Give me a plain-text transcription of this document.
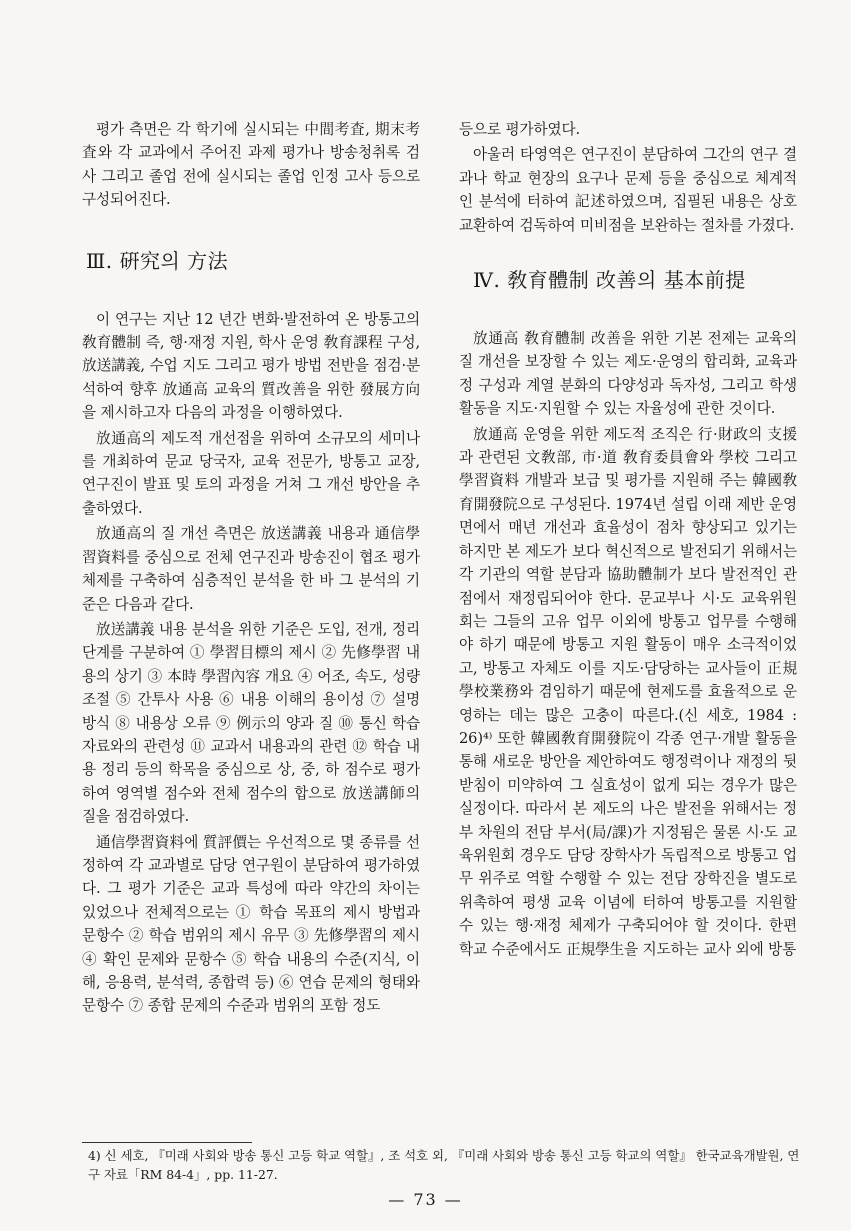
평가 측면은 각 학기에 실시되는 中間考査, 期末考査와 각 교과에서 주어진 과제 평가나 방송청취록 검사 그리고 졸업 전에 실시되는 졸업 인정 고사 등으로 구성되어진다.

Ⅲ. 硏究의 方法

이 연구는 지난 12 년간 변화·발전하여 온 방통고의 敎育體制 즉, 행·재정 지원, 학사 운영 敎育課程 구성, 放送講義, 수업 지도 그리고 평가 방법 전반을 점검·분석하여 향후 放通高 교육의 質改善을 위한 發展方向을 제시하고자 다음의 과정을 이행하였다.

放通高의 제도적 개선점을 위하여 소규모의 세미나를 개최하여 문교 당국자, 교육 전문가, 방통고 교장, 연구진이 발표 및 토의 과정을 거쳐 그 개선 방안을 추출하였다.

放通高의 질 개선 측면은 放送講義 내용과 通信學習資料를 중심으로 전체 연구진과 방송진이 협조 평가 체제를 구축하여 심층적인 분석을 한 바 그 분석의 기준은 다음과 같다.

放送講義 내용 분석을 위한 기준은 도입, 전개, 정리 단계를 구분하여 ① 學習目標의 제시 ② 先修學習 내용의 상기 ③ 本時 學習內容 개요 ④ 어조, 속도, 성량 조절 ⑤ 간투사 사용 ⑥ 내용 이해의 용이성 ⑦ 설명 방식 ⑧ 내용상 오류 ⑨ 例示의 양과 질 ⑩ 통신 학습 자료와의 관련성 ⑪ 교과서 내용과의 관련 ⑫ 학습 내용 정리 등의 학목을 중심으로 상, 중, 하 점수로 평가하여 영역별 점수와 전체 점수의 합으로 放送講師의 질을 점검하였다.

通信學習資料에 質評價는 우선적으로 몇 종류를 선정하여 각 교과별로 담당 연구원이 분담하여 평가하였다. 그 평가 기준은 교과 특성에 따라 약간의 차이는 있었으나 전체적으로는 ① 학습 목표의 제시 방법과 문항수 ② 학습 범위의 제시 유무 ③ 先修學習의 제시 ④ 확인 문제와 문항수 ⑤ 학습 내용의 수준(지식, 이해, 응용력, 분석력, 종합력 등) ⑥ 연습 문제의 형태와 문항수 ⑦ 종합 문제의 수준과 범위의 포함 정도

등으로 평가하였다.

아울러 타영역은 연구진이 분담하여 그간의 연구 결과나 학교 현장의 요구나 문제 등을 중심으로 체계적인 분석에 터하여 記述하였으며, 집필된 내용은 상호 교환하여 검독하여 미비점을 보완하는 절차를 가졌다.

Ⅳ. 敎育體制 改善의 基本前提

放通高 敎育體制 改善을 위한 기본 전제는 교육의 질 개선을 보장할 수 있는 제도·운영의 합리화, 교육과정 구성과 계열 분화의 다양성과 독자성, 그리고 학생 활동을 지도·지원할 수 있는 자율성에 관한 것이다.

放通高 운영을 위한 제도적 조직은 行·財政의 支援과 관련된 文敎部, 市·道 敎育委員會와 學校 그리고 學習資料 개발과 보급 및 평가를 지원해 주는 韓國敎育開發院으로 구성된다. 1974년 설립 이래 제반 운영면에서 매년 개선과 효율성이 점차 향상되고 있기는 하지만 본 제도가 보다 혁신적으로 발전되기 위해서는 각 기관의 역할 분담과 協助體制가 보다 발전적인 관점에서 재정립되어야 한다. 문교부나 시·도 교육위원회는 그들의 고유 업무 이외에 방통고 업무를 수행해야 하기 때문에 방통고 지원 활동이 매우 소극적이었고, 방통고 자체도 이를 지도·담당하는 교사들이 正規學校業務와 겸임하기 때문에 현제도를 효율적으로 운영하는 데는 많은 고충이 따른다.(신 세호, 1984 : 26)⁴⁾ 또한 韓國敎育開發院이 각종 연구·개발 활동을 통해 새로운 방안을 제안하여도 행정력이나 재정의 뒷받침이 미약하여 그 실효성이 없게 되는 경우가 많은 실정이다. 따라서 본 제도의 나은 발전을 위해서는 정부 차원의 전담 부서(局/課)가 지정됨은 물론 시·도 교육위원회 경우도 담당 장학사가 독립적으로 방통고 업무 위주로 역할 수행할 수 있는 전담 장학진을 별도로 위촉하여 평생 교육 이념에 터하여 방통고를 지원할 수 있는 행·재정 체제가 구축되어야 할 것이다. 한편 학교 수준에서도 正規學生을 지도하는 교사 외에 방통

4) 신 세호, 『미래 사회와 방송 통신 고등 학교 역할』, 조 석호 외, 『미래 사회와 방송 통신 고등 학교의 역할』 한국교육개발원, 연구 자료「RM 84-4」, pp. 11-27.
— 73 —
